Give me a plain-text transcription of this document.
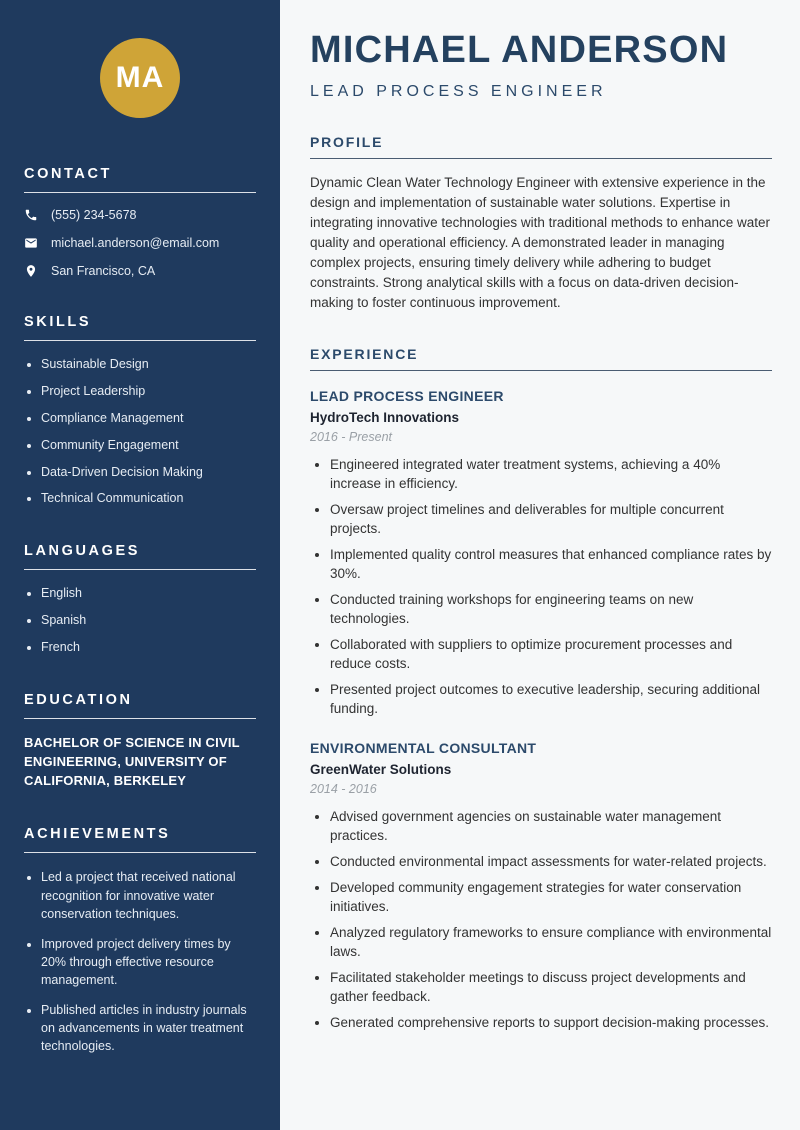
MA
CONTACT
(555) 234-5678
michael.anderson@email.com
San Francisco, CA
SKILLS
• Sustainable Design
• Project Leadership
• Compliance Management
• Community Engagement
• Data-Driven Decision Making
• Technical Communication
LANGUAGES
• English
• Spanish
• French
EDUCATION

BACHELOR OF SCIENCE IN CIVIL ENGINEERING, UNIVERSITY OF CALIFORNIA, BERKELEY

ACHIEVEMENTS
• Led a project that received national recognition for innovative water conservation techniques.
• Improved project delivery times by 20% through effective resource management.
• Published articles in industry journals on advancements in water treatment technologies.
MICHAEL ANDERSON

LEAD PROCESS ENGINEER

PROFILE

Dynamic Clean Water Technology Engineer with extensive experience in the design and implementation of sustainable water solutions. Expertise in integrating innovative technologies with traditional methods to enhance water quality and operational efficiency. A demonstrated leader in managing complex projects, ensuring timely delivery while adhering to budget constraints. Strong analytical skills with a focus on data-driven decision-making to foster continuous improvement.

EXPERIENCE
LEAD PROCESS ENGINEER

HydroTech Innovations

2016 - Present

• Engineered integrated water treatment systems, achieving a 40% increase in efficiency.
• Oversaw project timelines and deliverables for multiple concurrent projects.
• Implemented quality control measures that enhanced compliance rates by 30%.
• Conducted training workshops for engineering teams on new technologies.
• Collaborated with suppliers to optimize procurement processes and reduce costs.
• Presented project outcomes to executive leadership, securing additional funding.
ENVIRONMENTAL CONSULTANT

GreenWater Solutions

2014 - 2016

• Advised government agencies on sustainable water management practices.
• Conducted environmental impact assessments for water-related projects.
• Developed community engagement strategies for water conservation initiatives.
• Analyzed regulatory frameworks to ensure compliance with environmental laws.
• Facilitated stakeholder meetings to discuss project developments and gather feedback.
• Generated comprehensive reports to support decision-making processes.
